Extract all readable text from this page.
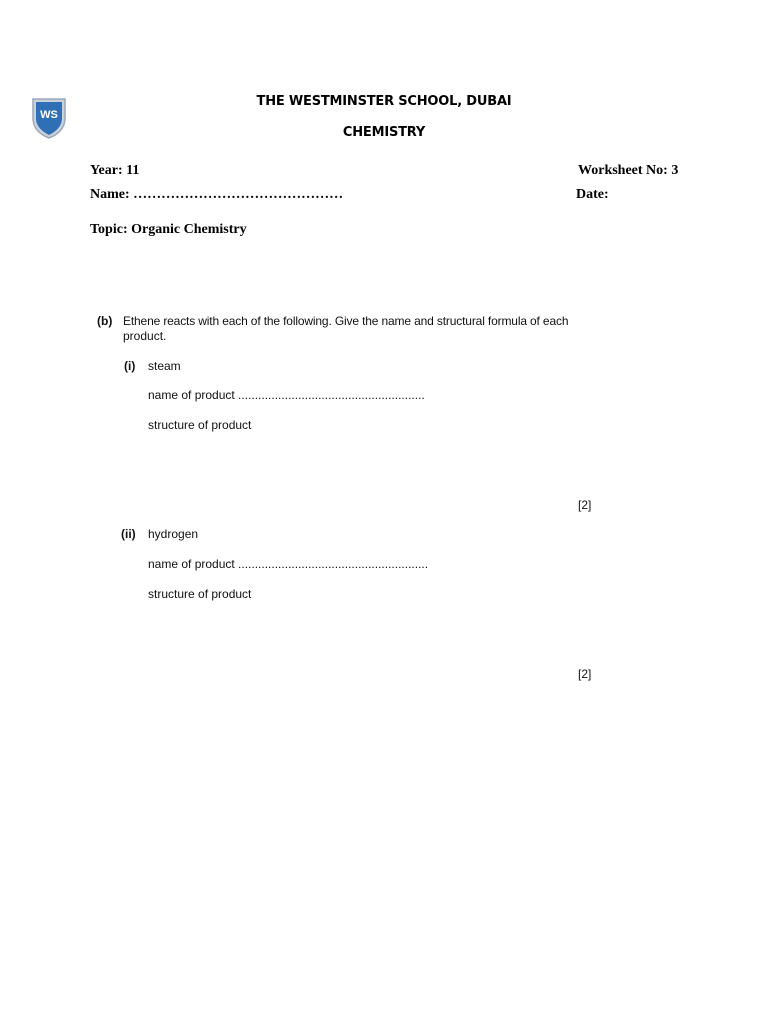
WS
THE WESTMINSTER SCHOOL, DUBAI
CHEMISTRY
Year: 11	Worksheet No: 3
Name: ………………………………………	Date:
Topic: Organic Chemistry
(b) Ethene reacts with each of the following. Give the name and structural formula of each
product.
(i) steam
name of product ........................................................
structure of product
[2]
(ii) hydrogen
name of product .........................................................
structure of product
[2]
